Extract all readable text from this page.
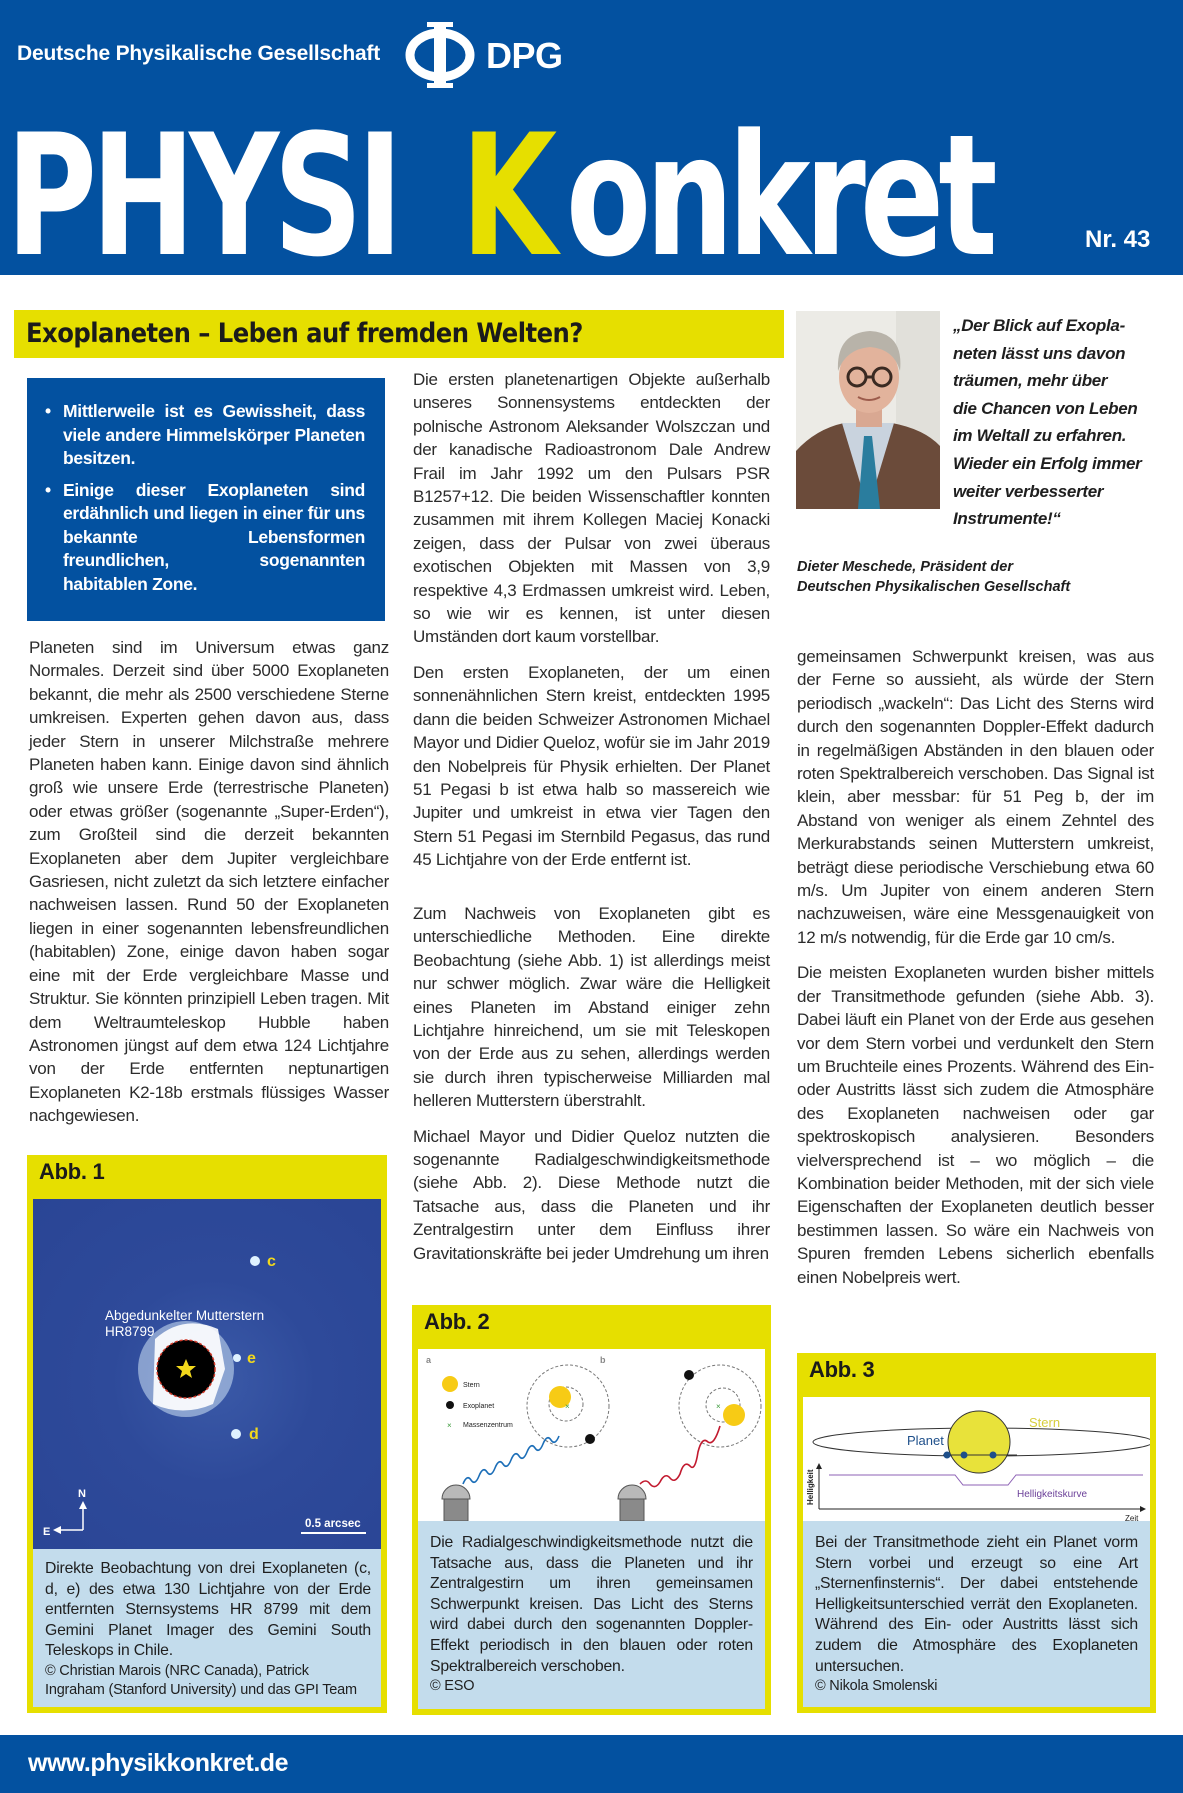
Deutsche Physikalische Gesellschaft	DPG
PHYSI Konkret	Nr. 43
Exoplaneten – Leben auf fremden Welten?
• Mittlerweile ist es Gewissheit, dass viele andere Himmelskörper Planeten besitzen.
• Einige dieser Exoplaneten sind erdähnlich und liegen in einer für uns bekannte Lebensformen freundlichen, sogenannten habitablen Zone.

Planeten sind im Universum etwas ganz Normales. Derzeit sind über 5000 Exoplaneten bekannt, die mehr als 2500 verschiedene Sterne umkreisen. Experten gehen davon aus, dass jeder Stern in unserer Milchstraße mehrere Planeten haben kann. Einige davon sind ähnlich groß wie unsere Erde (terrestrische Planeten) oder etwas größer (sogenannte „Super-Erden“), zum Großteil sind die derzeit bekannten Exoplaneten aber dem Jupiter vergleichbare Gasriesen, nicht zuletzt da sich letztere einfacher nachweisen lassen. Rund 50 der Exoplaneten liegen in einer sogenannten lebensfreundlichen (habitablen) Zone, einige davon haben sogar eine mit der Erde vergleichbare Masse und Struktur. Sie könnten prinzipiell Leben tragen. Mit dem Weltraumteleskop Hubble haben Astronomen jüngst auf dem etwa 124 Lichtjahre von der Erde entfernten neptunartigen Exoplaneten K2-18b erstmals flüssiges Wasser nachgewiesen.

Die ersten planetenartigen Objekte außerhalb unseres Sonnensystems entdeckten der polnische Astronom Aleksander Wolszczan und der kanadische Radioastronom Dale Andrew Frail im Jahr 1992 um den Pulsars PSR B1257+12. Die beiden Wissenschaftler konnten zusammen mit ihrem Kollegen Maciej Konacki zeigen, dass der Pulsar von zwei überaus exotischen Objekten mit Massen von 3,9 respektive 4,3 Erdmassen umkreist wird. Leben, so wie wir es kennen, ist unter diesen Umständen dort kaum vorstellbar.

Den ersten Exoplaneten, der um einen sonnenähnlichen Stern kreist, entdeckten 1995 dann die beiden Schweizer Astronomen Michael Mayor und Didier Queloz, wofür sie im Jahr 2019 den Nobelpreis für Physik erhielten. Der Planet 51 Pegasi b ist etwa halb so massereich wie Jupiter und umkreist in etwa vier Tagen den Stern 51 Pegasi im Sternbild Pegasus, das rund 45 Lichtjahre von der Erde entfernt ist.

Zum Nachweis von Exoplaneten gibt es unterschiedliche Methoden. Eine direkte Beobachtung (siehe Abb. 1) ist allerdings meist nur schwer möglich. Zwar wäre die Helligkeit eines Planeten im Abstand einiger zehn Lichtjahre hinreichend, um sie mit Teleskopen von der Erde aus zu sehen, allerdings werden sie durch ihren typischerweise Milliarden mal helleren Mutterstern überstrahlt.

Michael Mayor und Didier Queloz nutzten die sogenannte Radialgeschwindigkeitsmethode (siehe Abb. 2). Diese Methode nutzt die Tatsache aus, dass die Planeten und ihr Zentralgestirn unter dem Einfluss ihrer Gravitationskräfte bei jeder Umdrehung um ihren

„Der Blick auf Exopla-
neten lässt uns davon
träumen, mehr über
die Chancen von Leben
im Weltall zu erfahren.
Wieder ein Erfolg immer
weiter verbesserter
Instrumente!“
Dieter Meschede, Präsident der
Deutschen Physikalischen Gesellschaft

gemeinsamen Schwerpunkt kreisen, was aus der Ferne so aussieht, als würde der Stern periodisch „wackeln“: Das Licht des Sterns wird durch den sogenannten Doppler-Effekt dadurch in regelmäßigen Abständen in den blauen oder roten Spektralbereich verschoben. Das Signal ist klein, aber messbar: für 51 Peg b, der im Abstand von weniger als einem Zehntel des Merkurabstands seinen Mutterstern umkreist, beträgt diese periodische Verschiebung etwa 60 m/s. Um Jupiter von einem anderen Stern nachzuweisen, wäre eine Messgenauigkeit von 12 m/s notwendig, für die Erde gar 10 cm/s.

Die meisten Exoplaneten wurden bisher mittels der Transitmethode gefunden (siehe Abb. 3). Dabei läuft ein Planet von der Erde aus gesehen vor dem Stern vorbei und verdunkelt den Stern um Bruchteile eines Prozents. Während des Ein- oder Austritts lässt sich zudem die Atmosphäre des Exoplaneten nachweisen oder gar spektroskopisch analysieren. Besonders vielversprechend ist – wo möglich – die Kombination beider Methoden, mit der sich viele Eigenschaften der Exoplaneten deutlich besser bestimmen lassen. So wäre ein Nachweis von Spuren fremden Lebens sicherlich ebenfalls einen Nobelpreis wert.

Abb. 1
c
e
d
Abgedunkelter Mutterstern
HR8799
N
E
0.5 arcsec
Direkte Beobachtung von drei Exoplaneten (c, d, e) des etwa 130 Lichtjahre von der Erde entfernten Sternsystems HR 8799 mit dem Gemini Planet Imager des Gemini South Teleskops in Chile.
© Christian Marois (NRC Canada), Patrick Ingraham (Stanford University) und das GPI Team
Abb. 2
a	b
Stern
Exoplanet
× Massenzentrum
×	×
Die Radialgeschwindigkeitsmethode nutzt die Tatsache aus, dass die Planeten und ihr Zentralgestirn um ihren gemeinsamen Schwerpunkt kreisen. Das Licht des Sterns wird dabei durch den sogenannten Doppler-Effekt periodisch in den blauen oder roten Spektralbereich verschoben.
© ESO
Abb. 3
Stern
Planet
Helligkeitskurve
Zeit
Helligkeit
Bei der Transitmethode zieht ein Planet vorm Stern vorbei und erzeugt so eine Art „Sternenfinsternis“. Der dabei entstehende Helligkeitsunterschied verrät den Exoplaneten. Während des Ein- oder Austritts lässt sich zudem die Atmosphäre des Exoplaneten untersuchen.
© Nikola Smolenski
www.physikkonkret.de
